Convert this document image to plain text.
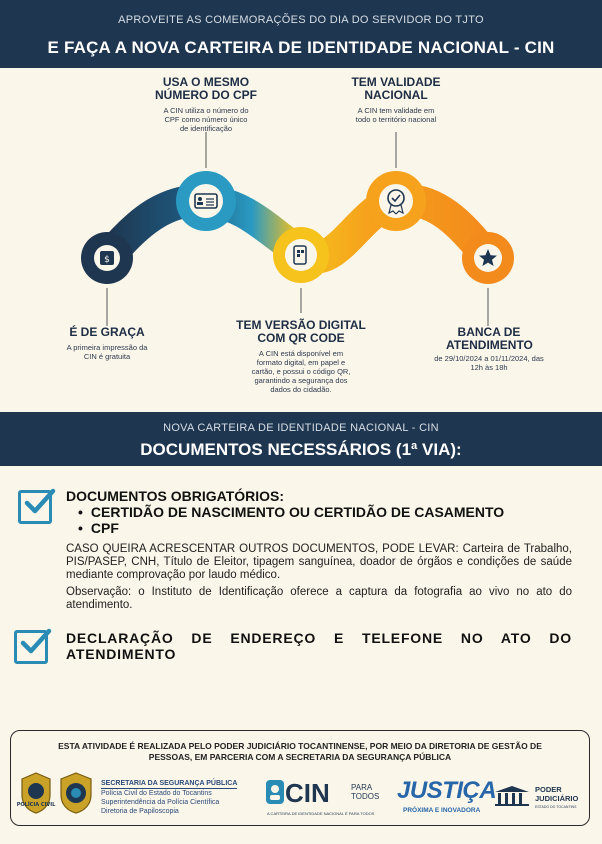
APROVEITE AS COMEMORAÇÕES DO DIA DO SERVIDOR DO TJTO
E FAÇA A NOVA CARTEIRA DE IDENTIDADE NACIONAL - CIN
$
USA O MESMO NÚMERO DO CPF
A CIN utiliza o número do CPF como número único de identificação
TEM VALIDADE NACIONAL
A CIN tem validade em todo o território nacional
É DE GRAÇA
A primeira impressão da CIN é gratuita
TEM VERSÃO DIGITAL COM QR CODE
A CIN está disponível em formato digital, em papel e cartão, e possui o código QR, garantindo a segurança dos dados do cidadão.
BANCA DE ATENDIMENTO
de 29/10/2024 a 01/11/2024, das 12h às 18h
NOVA CARTEIRA DE IDENTIDADE NACIONAL - CIN
DOCUMENTOS NECESSÁRIOS (1ª VIA):
DOCUMENTOS OBRIGATÓRIOS:
• CERTIDÃO DE NASCIMENTO OU CERTIDÃO DE CASAMENTO
• CPF
CASO QUEIRA ACRESCENTAR OUTROS DOCUMENTOS, PODE LEVAR: Carteira de Trabalho, PIS/PASEP, CNH, Título de Eleitor, tipagem sanguínea, doador de órgãos e condições de saúde mediante comprovação por laudo médico.
Observação: o Instituto de Identificação oferece a captura da fotografia ao vivo no ato do atendimento.
DECLARAÇÃO DE ENDEREÇO E TELEFONE NO ATO DO ATENDIMENTO
ESTA ATIVIDADE É REALIZADA PELO PODER JUDICIÁRIO TOCANTINENSE, POR MEIO DA DIRETORIA DE GESTÃO DE PESSOAS, EM PARCERIA COM A SECRETARIA DA SEGURANÇA PÚBLICA
POLÍCIA CIVIL
SECRETARIA DA SEGURANÇA PÚBLICA
Polícia Civil do Estado do Tocantins
Superintendência da Polícia Científica
Diretoria de Papiloscopia
CIN	PARA TODOS
A CARTEIRA DE IDENTIDADE NACIONAL É PARA TODOS
JUSTIÇA
PRÓXIMA E INOVADORA
PODER JUDICIÁRIO
ESTADO DO TOCANTINS
